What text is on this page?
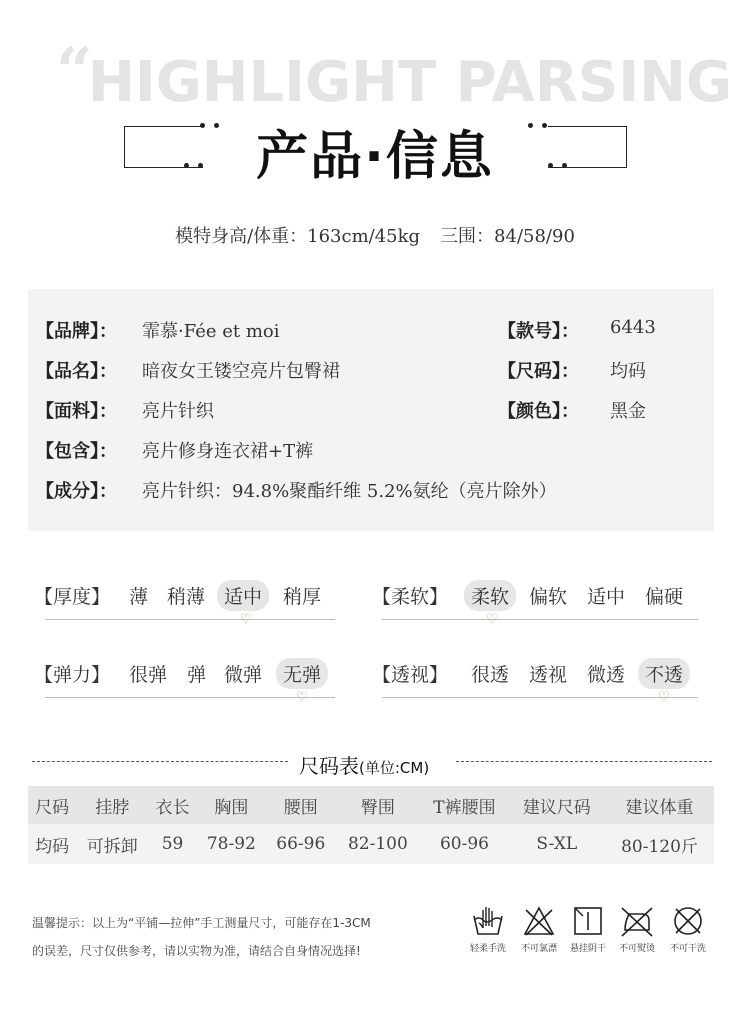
“
HIGHLIGHT PARSING
产品·信息
模特身高/体重：163cm/45kg 三围：84/58/90
【品牌】： 霏慕·Fée et moi
【品名】： 暗夜女王镂空亮片包臀裙
【面料】： 亮片针织
【包含】： 亮片修身连衣裙+T裤
【成分】： 亮片针织：94.8%聚酯纤维 5.2%氨纶（亮片除外）
【款号】： 6443
【尺码】： 均码
【颜色】： 黑金
【厚度】 薄 稍薄 适中	稍厚
♡
【柔软】	柔软	偏软	适中	偏硬
♡
【弹力】 很弹	弹 微弹	无弹
♡
【透视】	很透	透视	微透	不透
♡
尺码表(单位:CM)
尺码	挂脖	衣长	胸围	腰围	臀围	T裤腰围	建议尺码	建议体重
均码	可拆卸	59	78-92	66-96	82-100	60-96	S-XL	80-120斤
温馨提示：以上为“平铺—拉伸”手工测量尺寸，可能存在1-3CM
的误差，尺寸仅供参考，请以实物为准，请结合自身情况选择!	轻柔手洗	不可氯漂	悬挂阴干	不可熨烫	不可干洗
